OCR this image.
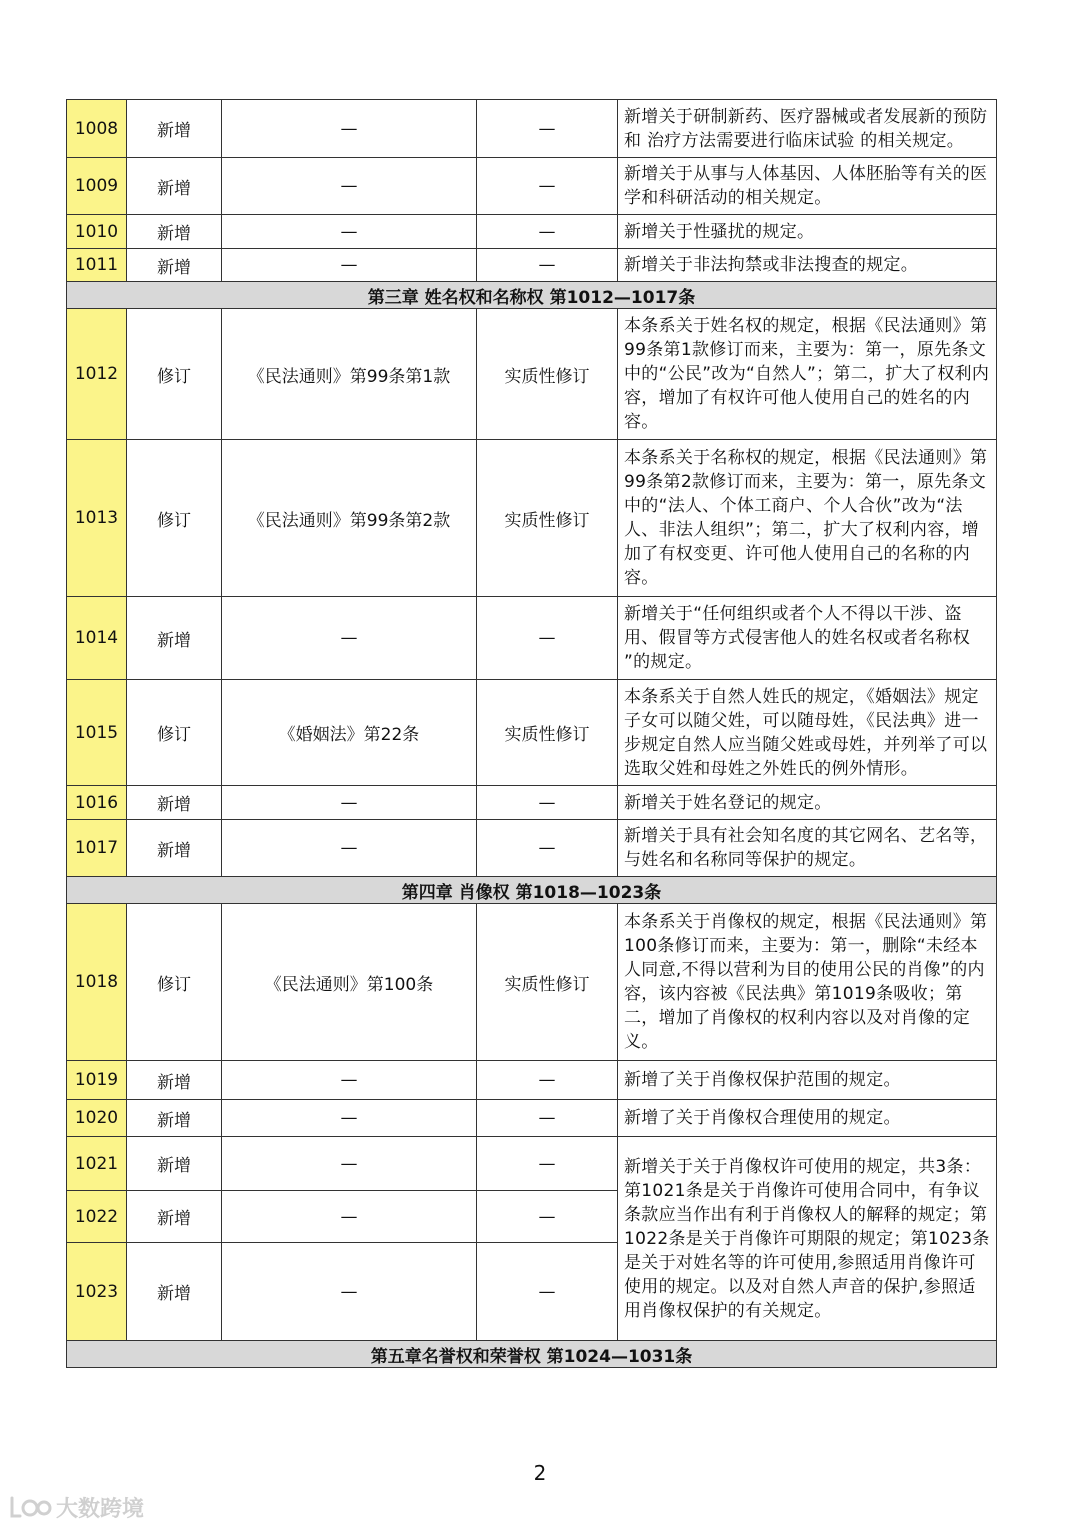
1008	新增	—	—	新增关于研制新药、医疗器械或者发展新的预防和 治疗方法需要进行临床试验 的相关规定。
1009	新增	—	—	新增关于从事与人体基因、人体胚胎等有关的医学和科研活动的相关规定。
1010	新增	—	—	新增关于性骚扰的规定。
1011	新增	—	—	新增关于非法拘禁或非法搜查的规定。
第三章 姓名权和名称权 第1012—1017条				
1012	修订	《民法通则》第99条第1款	实质性修订	本条系关于姓名权的规定，根据《民法通则》第99条第1款修订而来，主要为：第一，原先条文中的“公民”改为“自然人”；第二，扩大了权利内容，增加了有权许可他人使用自己的姓名的内容。
1013	修订	《民法通则》第99条第2款	实质性修订	本条系关于名称权的规定，根据《民法通则》第99条第2款修订而来，主要为：第一，原先条文中的“法人、个体工商户、个人合伙”改为“法人、非法人组织”；第二，扩大了权利内容，增加了有权变更、许可他人使用自己的名称的内容。
1014	新增	—	—	新增关于“任何组织或者个人不得以干涉、盗用、假冒等方式侵害他人的姓名权或者名称权 ”的规定。
1015	修订	《婚姻法》第22条	实质性修订	本条系关于自然人姓氏的规定，《婚姻法》规定子女可以随父姓，可以随母姓，《民法典》进一步规定自然人应当随父姓或母姓，并列举了可以选取父姓和母姓之外姓氏的例外情形。
1016	新增	—	—	新增关于姓名登记的规定。
1017	新增	—	—	新增关于具有社会知名度的其它网名、艺名等，与姓名和名称同等保护的规定。
第四章 肖像权 第1018—1023条				
1018	修订	《民法通则》第100条	实质性修订	本条系关于肖像权的规定，根据《民法通则》第100条修订而来，主要为：第一，删除“未经本人同意,不得以营利为目的使用公民的肖像”的内容，该内容被《民法典》第1019条吸收；第二，增加了肖像权的权利内容以及对肖像的定义。
1019	新增	—	—	新增了关于肖像权保护范围的规定。
1020	新增	—	—	新增了关于肖像权合理使用的规定。
1021	新增	—	—	新增关于关于肖像权许可使用的规定，共3条：第1021条是关于肖像许可使用合同中，有争议条款应当作出有利于肖像权人的解释的规定；第1022条是关于肖像许可期限的规定；第1023条是关于对姓名等的许可使用,参照适用肖像许可使用的规定。以及对自然人声音的保护,参照适用肖像权保护的有关规定。
1022	新增	—	—	
1023	新增	—	—	
第五章名誉权和荣誉权 第1024—1031条				
2
大数跨境
